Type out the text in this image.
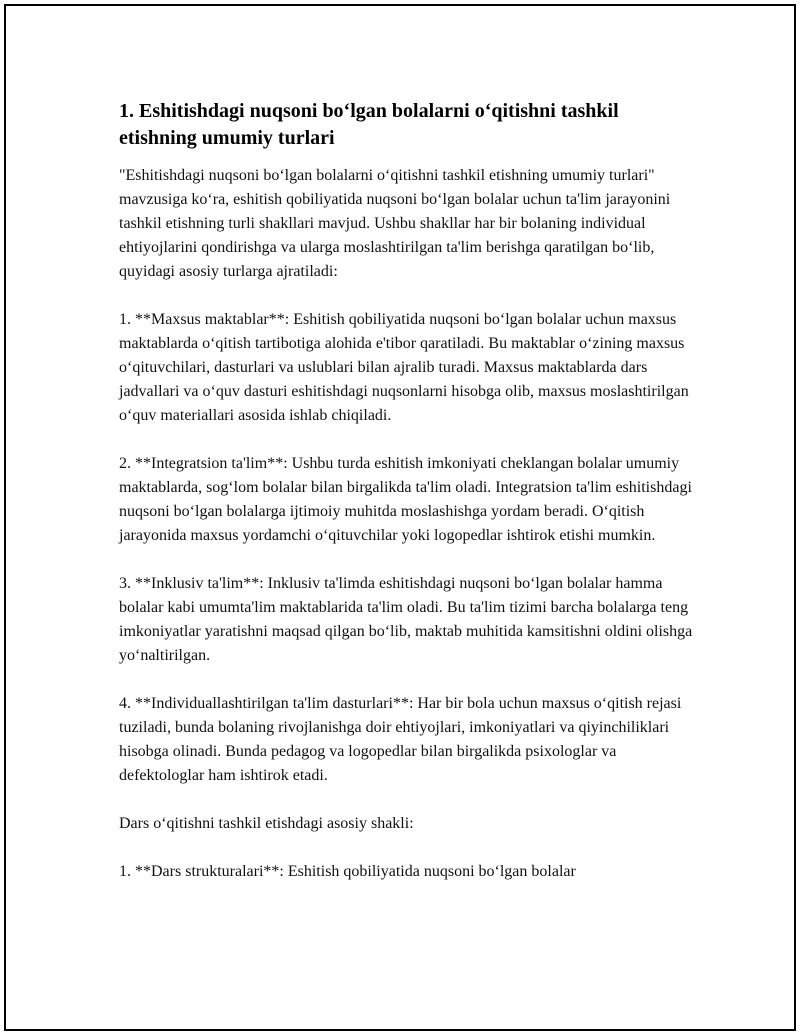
1. Eshitishdagi nuqsoni boʻlgan bolalarni oʻqitishni tashkil etishning umumiy turlari

"Eshitishdagi nuqsoni boʻlgan bolalarni oʻqitishni tashkil etishning umumiy turlari" mavzusiga koʻra, eshitish qobiliyatida nuqsoni boʻlgan bolalar uchun ta'lim jarayonini tashkil etishning turli shakllari mavjud. Ushbu shakllar har bir bolaning individual ehtiyojlarini qondirishga va ularga moslashtirilgan ta'lim berishga qaratilgan boʻlib, quyidagi asosiy turlarga ajratiladi:

1. **Maxsus maktablar**: Eshitish qobiliyatida nuqsoni boʻlgan bolalar uchun maxsus maktablarda oʻqitish tartibotiga alohida e'tibor qaratiladi. Bu maktablar oʻzining maxsus oʻqituvchilari, dasturlari va uslublari bilan ajralib turadi. Maxsus maktablarda dars jadvallari va oʻquv dasturi eshitishdagi nuqsonlarni hisobga olib, maxsus moslashtirilgan oʻquv materiallari asosida ishlab chiqiladi.

2. **Integratsion ta'lim**: Ushbu turda eshitish imkoniyati cheklangan bolalar umumiy maktablarda, sogʻlom bolalar bilan birgalikda ta'lim oladi. Integratsion ta'lim eshitishdagi nuqsoni boʻlgan bolalarga ijtimoiy muhitda moslashishga yordam beradi. Oʻqitish jarayonida maxsus yordamchi oʻqituvchilar yoki logopedlar ishtirok etishi mumkin.

3. **Inklusiv ta'lim**: Inklusiv ta'limda eshitishdagi nuqsoni boʻlgan bolalar hamma bolalar kabi umumta'lim maktablarida ta'lim oladi. Bu ta'lim tizimi barcha bolalarga teng imkoniyatlar yaratishni maqsad qilgan boʻlib, maktab muhitida kamsitishni oldini olishga yoʻnaltirilgan.

4. **Individuallashtirilgan ta'lim dasturlari**: Har bir bola uchun maxsus oʻqitish rejasi tuziladi, bunda bolaning rivojlanishga doir ehtiyojlari, imkoniyatlari va qiyinchiliklari hisobga olinadi. Bunda pedagog va logopedlar bilan birgalikda psixologlar va defektologlar ham ishtirok etadi.

Dars oʻqitishni tashkil etishdagi asosiy shakli:

1. **Dars strukturalari**: Eshitish qobiliyatida nuqsoni boʻlgan bolalar
